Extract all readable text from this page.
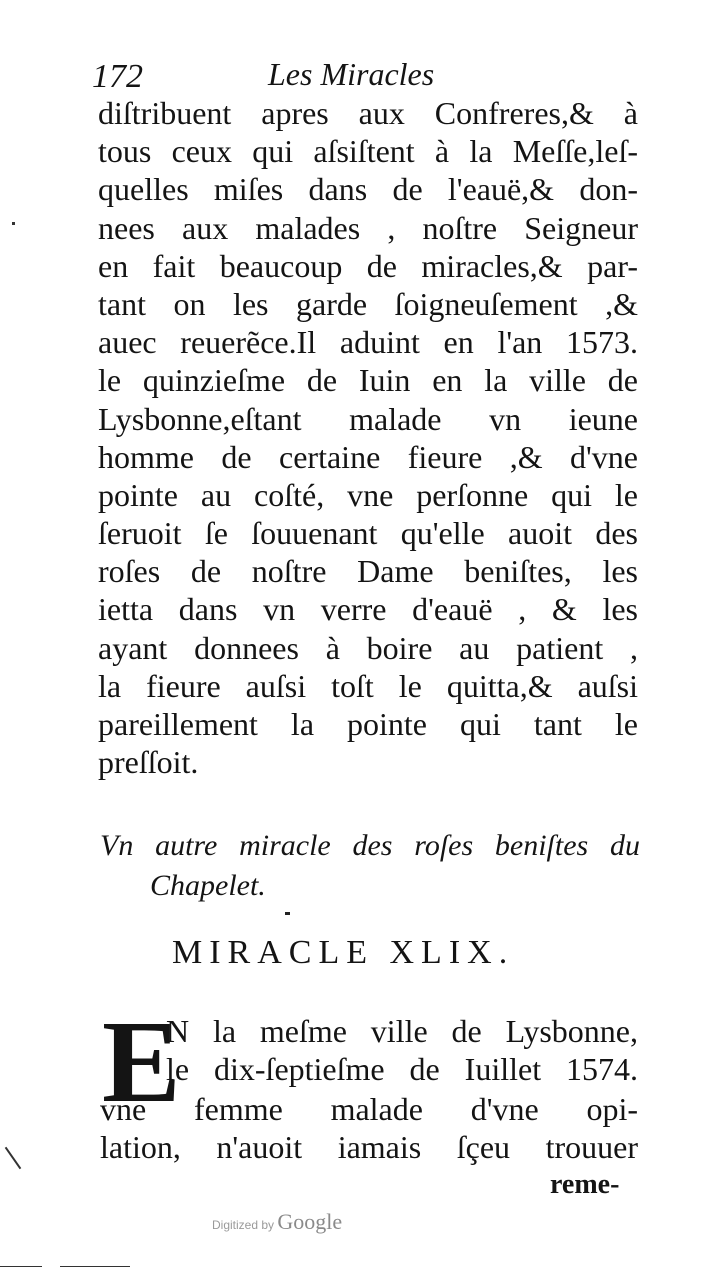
172	Les Miracles
diſtribuent apres aux Confreres,& à
tous ceux qui aſsiſtent à la Meſſe,leſ-
quelles miſes dans de l'eauë,& don-
nees aux malades , noſtre Seigneur
en fait beaucoup de miracles,& par-
tant on les garde ſoigneuſement ,&
auec reuerẽce.Il aduint en l'an 1573.
le quinzieſme de Iuin en la ville de
Lysbonne,eſtant malade vn ieune
homme de certaine fieure ,& d'vne
pointe au coſté, vne perſonne qui le
ſeruoit ſe ſouuenant qu'elle auoit des
roſes de noſtre Dame beniſtes, les
ietta dans vn verre d'eauë , & les
ayant donnees à boire au patient ,
la fieure auſsi toſt le quitta,& auſsi
pareillement la pointe qui tant le
preſſoit.
Vn autre miracle des roſes beniſtes du
Chapelet.
MIRACLE XLIX.
E
N la meſme ville de Lysbonne,
le dix-ſeptieſme de Iuillet 1574.
vne femme malade d'vne opi-
lation, n'auoit iamais ſçeu trouuer
reme-
Digitized by Google
